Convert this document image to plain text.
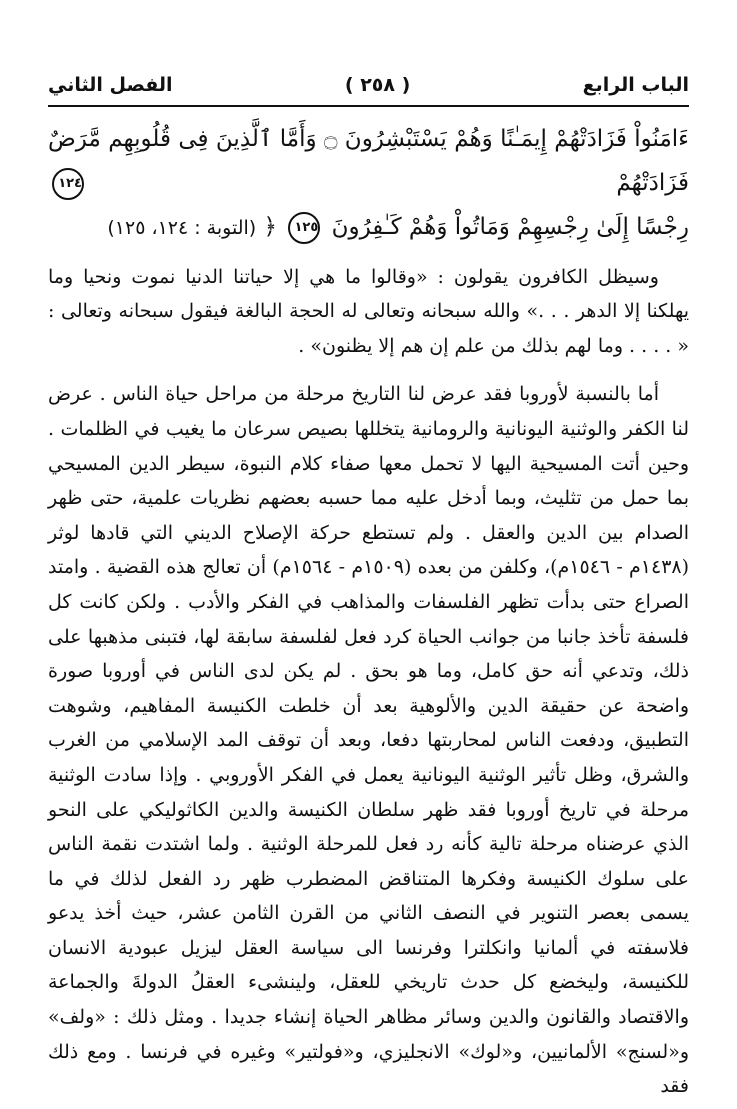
الباب الرابع
( ٢٥٨ )
الفصل الثاني
ءَامَنُواْ فَزَادَتْهُمْ إِيمَـٰنًا وَهُمْ يَسْتَبْشِرُونَ ۝ وَأَمَّا ٱلَّذِينَ فِى قُلُوبِهِم مَّرَضٌ فَزَادَتْهُمْ ١٢٤
رِجْسًا إِلَىٰ رِجْسِهِمْ وَمَاتُواْ وَهُمْ كَـٰفِرُونَ ١٢٥ ﴿ (التوبة : ١٢٤، ١٢٥)

وسيظل الكافرون يقولون : «وقالوا ما هي إلا حياتنا الدنيا نموت ونحيا وما يهلكنا إلا الدهر . . .» والله سبحانه وتعالى له الحجة البالغة فيقول سبحانه وتعالى : « . . . . وما لهم بذلك من علم إن هم إلا يظنون» .

أما بالنسبة لأوروبا فقد عرض لنا التاريخ مرحلة من مراحل حياة الناس . عرض لنا الكفر والوثنية اليونانية والرومانية يتخللها بصيص سرعان ما يغيب في الظلمات . وحين أتت المسيحية اليها لا تحمل معها صفاء كلام النبوة، سيطر الدين المسيحي بما حمل من تثليث، وبما أدخل عليه مما حسبه بعضهم نظريات علمية، حتى ظهر الصدام بين الدين والعقل . ولم تستطع حركة الإصلاح الديني التي قادها لوثر (١٤٣٨م - ١٥٤٦م)، وكلفن من بعده (١٥٠٩م - ١٥٦٤م) أن تعالج هذه القضية . وامتد الصراع حتى بدأت تظهر الفلسفات والمذاهب في الفكر والأدب . ولكن كانت كل فلسفة تأخذ جانبا من جوانب الحياة كرد فعل لفلسفة سابقة لها، فتبنى مذهبها على ذلك، وتدعي أنه حق كامل، وما هو بحق . لم يكن لدى الناس في أوروبا صورة واضحة عن حقيقة الدين والألوهية بعد أن خلطت الكنيسة المفاهيم، وشوهت التطبيق، ودفعت الناس لمحاربتها دفعا، وبعد أن توقف المد الإسلامي من الغرب والشرق، وظل تأثير الوثنية اليونانية يعمل في الفكر الأوروبي . وإذا سادت الوثنية مرحلة في تاريخ أوروبا فقد ظهر سلطان الكنيسة والدين الكاثوليكي على النحو الذي عرضناه مرحلة تالية كأنه رد فعل للمرحلة الوثنية . ولما اشتدت نقمة الناس على سلوك الكنيسة وفكرها المتناقض المضطرب ظهر رد الفعل لذلك في ما يسمى بعصر التنوير في النصف الثاني من القرن الثامن عشر، حيث أخذ يدعو فلاسفته في ألمانيا وانكلترا وفرنسا الى سياسة العقل ليزيل عبودية الانسان للكنيسة، وليخضع كل حدث تاريخي للعقل، ولينشىء العقلُ الدولةَ والجماعة والاقتصاد والقانون والدين وسائر مظاهر الحياة إنشاء جديدا . ومثل ذلك : «ولف» و«لسنج» الألمانيين، و«لوك» الانجليزي، و«فولتير» وغيره في فرنسا . ومع ذلك فقد
